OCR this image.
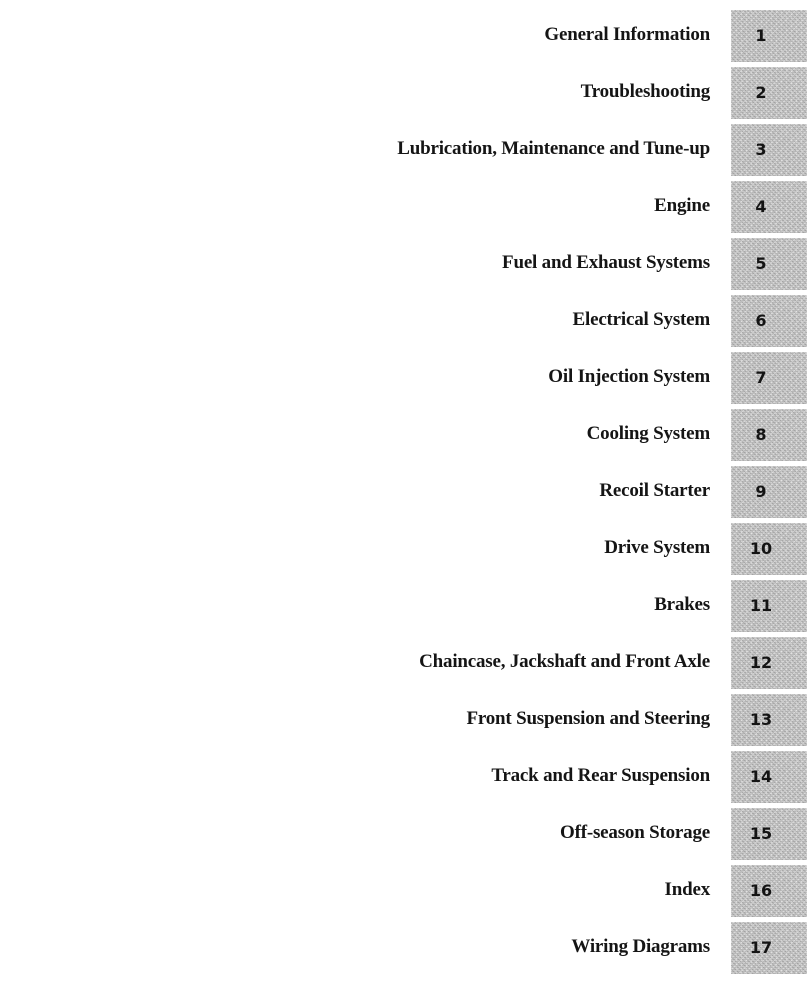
General Information	1
Troubleshooting	2
Lubrication, Maintenance and Tune-up	3
Engine	4
Fuel and Exhaust Systems	5
Electrical System	6
Oil Injection System	7
Cooling System	8
Recoil Starter	9
Drive System	10
Brakes	11
Chaincase, Jackshaft and Front Axle	12
Front Suspension and Steering	13
Track and Rear Suspension	14
Off-season Storage	15
Index	16
Wiring Diagrams	17
